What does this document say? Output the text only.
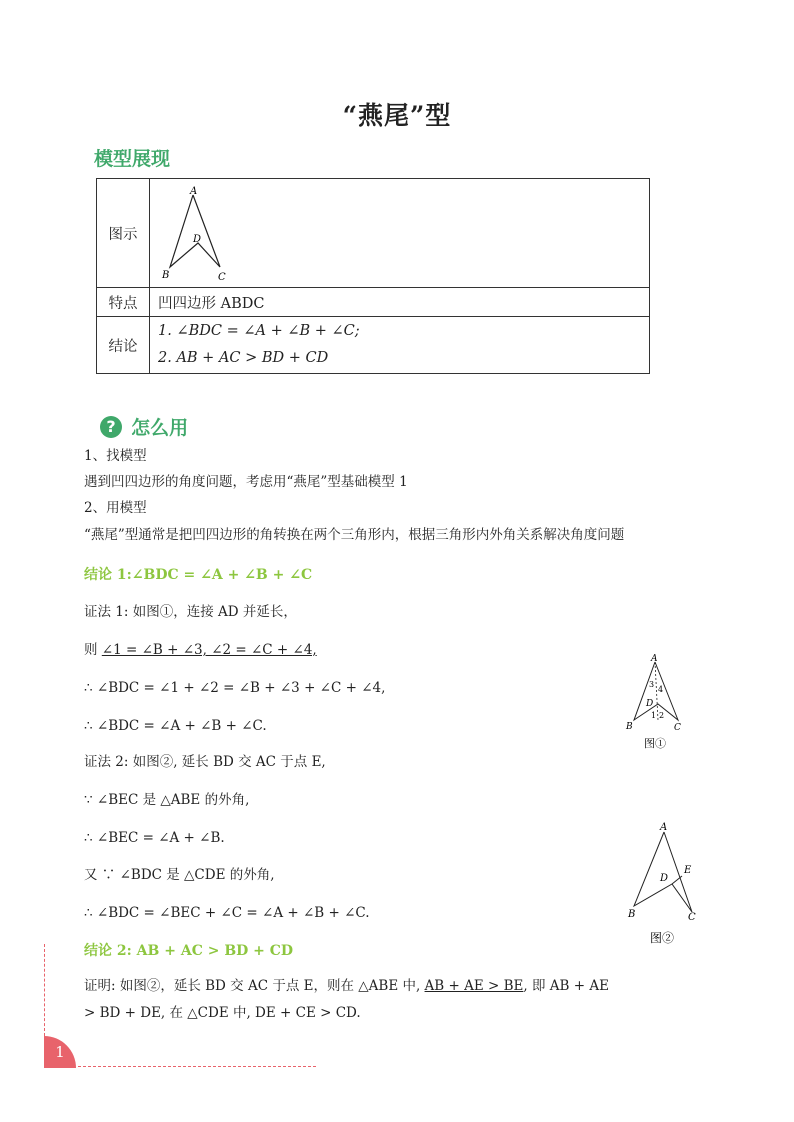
“燕尾”型
模型展现
图示	A
B C
D

特点	凹四边形 ABDC
结论	1. ∠BDC = ∠A + ∠B + ∠C;
2. AB + AC > BD + CD
? 怎么用
1、找模型
遇到凹四边形的角度问题，考虑用“燕尾”型基础模型 1
2、用模型
“燕尾”型通常是把凹四边形的角转换在两个三角形内，根据三角形内外角关系解决角度问题
结论 1:∠BDC = ∠A + ∠B + ∠C
证法 1: 如图①，连接 AD 并延长，
则 ∠1 = ∠B + ∠3, ∠2 = ∠C + ∠4,
∴ ∠BDC = ∠1 + ∠2 = ∠B + ∠3 + ∠C + ∠4,
∴ ∠BDC = ∠A + ∠B + ∠C.
A
B	C
D
1 2
3
4
图①
证法 2: 如图②, 延长 BD 交 AC 于点 E,
∵ ∠BEC 是 △ABE 的外角,
∴ ∠BEC = ∠A + ∠B.
又 ∵ ∠BDC 是 △CDE 的外角,
∴ ∠BDC = ∠BEC + ∠C = ∠A + ∠B + ∠C.
A
B	C
D
E
图②
结论 2: AB + AC > BD + CD
证明: 如图②，延长 BD 交 AC 于点 E，则在 △ABE 中, AB + AE > BE, 即 AB + AE
> BD + DE, 在 △CDE 中, DE + CE > CD.
1
